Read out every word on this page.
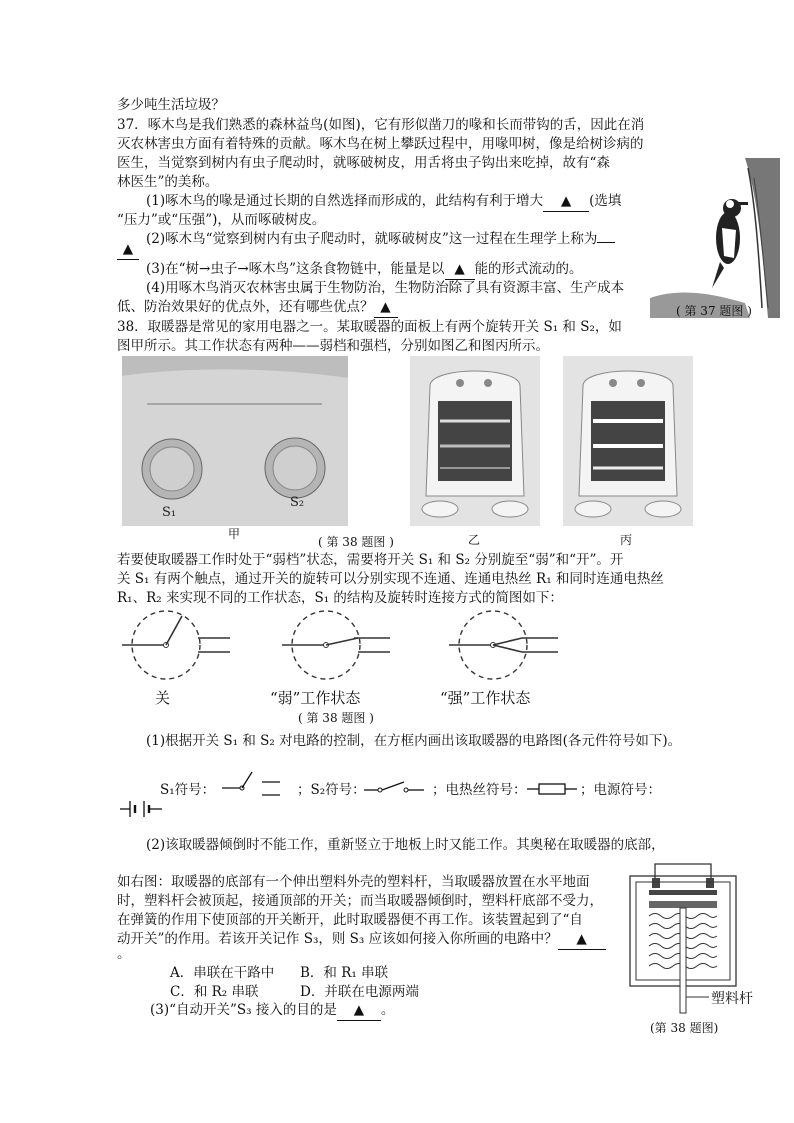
多少吨生活垃圾？
37．啄木鸟是我们熟悉的森林益鸟(如图)，它有形似凿刀的喙和长而带钩的舌，因此在消
灭农林害虫方面有着特殊的贡献。啄木鸟在树上攀跃过程中，用喙叩树，像是给树诊病的
医生，当觉察到树内有虫子爬动时，就啄破树皮，用舌将虫子钩出来吃掉，故有“森
林医生”的美称。
(1)啄木鸟的喙是通过长期的自然选择而形成的，此结构有利于增大 ▲ (选填
“压力”或“压强”)，从而啄破树皮。
(2)啄木鸟“觉察到树内有虫子爬动时，就啄破树皮”这一过程在生理学上称为
▲
(3)在“树→虫子→啄木鸟”这条食物链中，能量是以 ▲ 能的形式流动的。
(4)用啄木鸟消灭农林害虫属于生物防治，生物防治除了具有资源丰富、生产成本
低、防治效果好的优点外，还有哪些优点？ ▲
38．取暖器是常见的家用电器之一。某取暖器的面板上有两个旋转开关 S₁ 和 S₂，如
图甲所示。其工作状态有两种——弱档和强档，分别如图乙和图丙所示。
( 第 37 题图 )
S₁
S₂
甲
( 第 38 题图 )	乙	丙
若要使取暖器工作时处于“弱档”状态，需要将开关 S₁ 和 S₂ 分别旋至“弱”和“开”。开
关 S₁ 有两个触点，通过开关的旋转可以分别实现不连通、连通电热丝 R₁ 和同时连通电热丝
R₁、R₂ 来实现不同的工作状态，S₁ 的结构及旋转时连接方式的简图如下：
关	“弱”工作状态	“强”工作状态
( 第 38 题图 )
(1)根据开关 S₁ 和 S₂ 对电路的控制，在方框内画出该取暖器的电路图(各元件符号如下)。
S₁符号：	；S₂符号：	；电热丝符号：	；电源符号：
(2)该取暖器倾倒时不能工作，重新竖立于地板上时又能工作。其奥秘在取暖器的底部，
如右图：取暖器的底部有一个伸出塑料外壳的塑料杆，当取暖器放置在水平地面
时，塑料杆会被顶起，接通顶部的开关；而当取暖器倾倒时，塑料杆底部不受力，
在弹簧的作用下使顶部的开关断开，此时取暖器便不再工作。该装置起到了“自
动开关”的作用。若该开关记作 S₃，则 S₃ 应该如何接入你所画的电路中？ ▲
。
A．串联在干路中 B．和 R₁ 串联
C．和 R₂ 串联	D．并联在电源两端
(3)“自动开关”S₃ 接入的目的是 ▲ 。
塑料杆
(第 38 题图)
